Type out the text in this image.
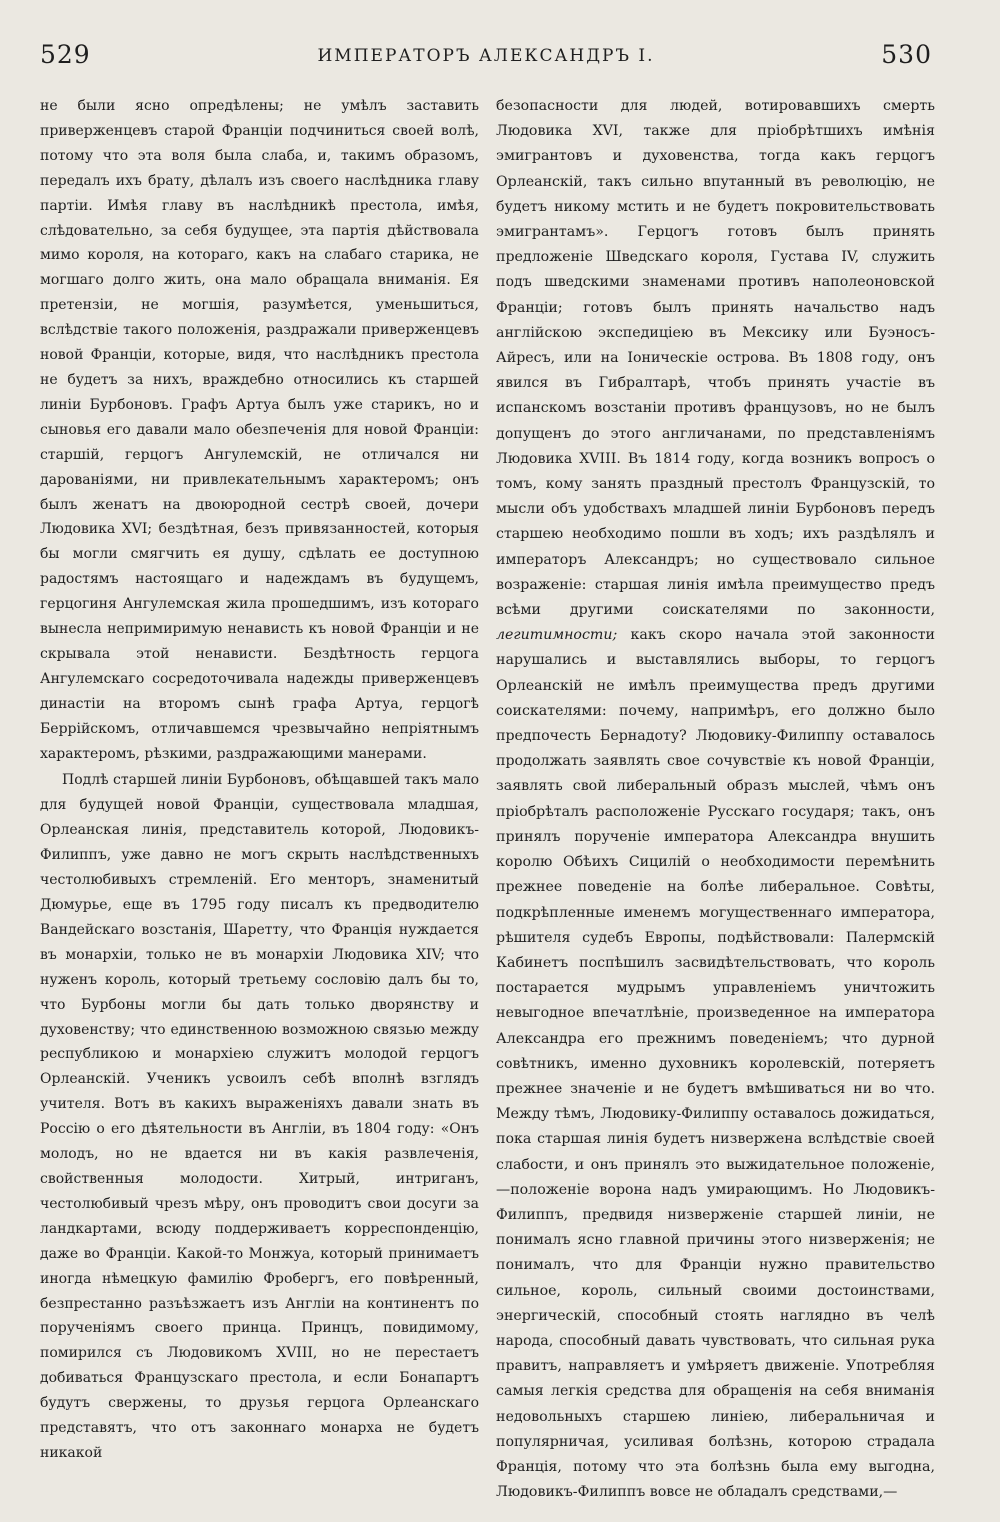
529	ИМПЕРАТОРЪ АЛЕКСАНДРЪ I.	530

не были ясно опредѣлены; не умѣлъ заставить приверженцевъ старой Франціи подчиниться своей волѣ, потому что эта воля была слаба, и, такимъ образомъ, передалъ ихъ брату, дѣлалъ изъ своего наслѣдника главу партіи. Имѣя главу въ наслѣдникѣ престола, имѣя, слѣдовательно, за себя будущее, эта партія дѣйствовала мимо короля, на котораго, какъ на слабаго старика, не могшаго долго жить, она мало обращала вниманія. Ея претензіи, не могшія, разумѣется, уменьшиться, вслѣдствіе такого положенія, раздражали приверженцевъ новой Франціи, которые, видя, что наслѣдникъ престола не будетъ за нихъ, враждебно относились къ старшей линіи Бурбоновъ. Графъ Артуа былъ уже старикъ, но и сыновья его давали мало обезпеченія для новой Франціи: старшій, герцогъ Ангулемскій, не отличался ни дарованіями, ни привлекательнымъ характеромъ; онъ былъ женатъ на двоюродной сестрѣ своей, дочери Людовика XVI; бездѣтная, безъ привязанностей, которыя бы могли смягчить ея душу, сдѣлать ее доступною радостямъ настоящаго и надеждамъ въ будущемъ, герцогиня Ангулемская жила прошедшимъ, изъ котораго вынесла непримиримую ненависть къ новой Франціи и не скрывала этой ненависти. Бездѣтность герцога Ангулемскаго сосредоточивала надежды приверженцевъ династіи на второмъ сынѣ графа Артуа, герцогѣ Беррійскомъ, отличавшемся чрезвычайно непріятнымъ характеромъ, рѣзкими, раздражающими манерами.

Подлѣ старшей линіи Бурбоновъ, обѣщавшей такъ мало для будущей новой Франціи, существовала младшая, Орлеанская линія, представитель которой, Людовикъ-Филиппъ, уже давно не могъ скрыть наслѣдственныхъ честолюбивыхъ стремленій. Его менторъ, знаменитый Дюмурье, еще въ 1795 году писалъ къ предводителю Вандейскаго возстанія, Шаретту, что Франція нуждается въ монархіи, только не въ монархіи Людовика XIV; что нуженъ король, который третьему сословію далъ бы то, что Бурбоны могли бы дать только дворянству и духовенству; что единственною возможною связью между республикою и монархіею служитъ молодой герцогъ Орлеанскій. Ученикъ усвоилъ себѣ вполнѣ взглядъ учителя. Вотъ въ какихъ выраженіяхъ давали знать въ Россію о его дѣятельности въ Англіи, въ 1804 году: «Онъ молодъ, но не вдается ни въ какія развлеченія, свойственныя молодости. Хитрый, интриганъ, честолюбивый чрезъ мѣру, онъ проводитъ свои досуги за ландкартами, всюду поддерживаетъ корреспонденцію, даже во Франціи. Какой-то Монжуа, который принимаетъ иногда нѣмецкую фамилію Фробергъ, его повѣренный, безпрестанно разъѣзжаетъ изъ Англіи на континентъ по порученіямъ своего принца. Принцъ, повидимому, помирился съ Людовикомъ XVIII, но не перестаетъ добиваться Французскаго престола, и если Бонапартъ будутъ свержены, то друзья герцога Орлеанскаго представятъ, что отъ законнаго монарха не будетъ никакой

безопасности для людей, вотировавшихъ смерть Людовика XVI, также для пріобрѣтшихъ имѣнія эмигрантовъ и духовенства, тогда какъ герцогъ Орлеанскій, такъ сильно впутанный въ революцію, не будетъ никому мстить и не будетъ покровительствовать эмигрантамъ». Герцогъ готовъ былъ принять предложеніе Шведскаго короля, Густава IV, служить подъ шведскими знаменами противъ наполеоновской Франціи; готовъ былъ принять начальство надъ англійскою экспедиціею въ Мексику или Буэносъ-Айресъ, или на Іоническіе острова. Въ 1808 году, онъ явился въ Гибралтарѣ, чтобъ принять участіе въ испанскомъ возстаніи противъ французовъ, но не былъ допущенъ до этого англичанами, по представленіямъ Людовика XVIII. Въ 1814 году, когда возникъ вопросъ о томъ, кому занять праздный престолъ Французскій, то мысли объ удобствахъ младшей линіи Бурбоновъ передъ старшею необходимо пошли въ ходъ; ихъ раздѣлялъ и императоръ Александръ; но существовало сильное возраженіе: старшая линія имѣла преимущество предъ всѣми другими соискателями по законности, легитимности; какъ скоро начала этой законности нарушались и выставлялись выборы, то герцогъ Орлеанскій не имѣлъ преимущества предъ другими соискателями: почему, напримѣръ, его должно было предпочесть Бернадоту? Людовику-Филиппу оставалось продолжать заявлять свое сочувствіе къ новой Франціи, заявлять свой либеральный образъ мыслей, чѣмъ онъ пріобрѣталъ расположеніе Русскаго государя; такъ, онъ принялъ порученіе императора Александра внушить королю Обѣихъ Сицилій о необходимости перемѣнить прежнее поведеніе на болѣе либеральное. Совѣты, подкрѣпленные именемъ могущественнаго императора, рѣшителя судебъ Европы, подѣйствовали: Палермскій Кабинетъ поспѣшилъ засвидѣтельствовать, что король постарается мудрымъ управленіемъ уничтожить невыгодное впечатлѣніе, произведенное на императора Александра его прежнимъ поведеніемъ; что дурной совѣтникъ, именно духовникъ королевскій, потеряетъ прежнее значеніе и не будетъ вмѣшиваться ни во что. Между тѣмъ, Людовику-Филиппу оставалось дожидаться, пока старшая линія будетъ низвержена вслѣдствіе своей слабости, и онъ принялъ это выжидательное положеніе,—положеніе ворона надъ умирающимъ. Но Людовикъ-Филиппъ, предвидя низверженіе старшей линіи, не понималъ ясно главной причины этого низверженія; не понималъ, что для Франціи нужно правительство сильное, король, сильный своими достоинствами, энергическій, способный стоять наглядно въ челѣ народа, способный давать чувствовать, что сильная рука правитъ, направляетъ и умѣряетъ движеніе. Употребляя самыя легкія средства для обращенія на себя вниманія недовольныхъ старшею линіею, либеральничая и популярничая, усиливая болѣзнь, которою страдала Франція, потому что эта болѣзнь была ему выгодна, Людовикъ-Филиппъ вовсе не обладалъ средствами,—
